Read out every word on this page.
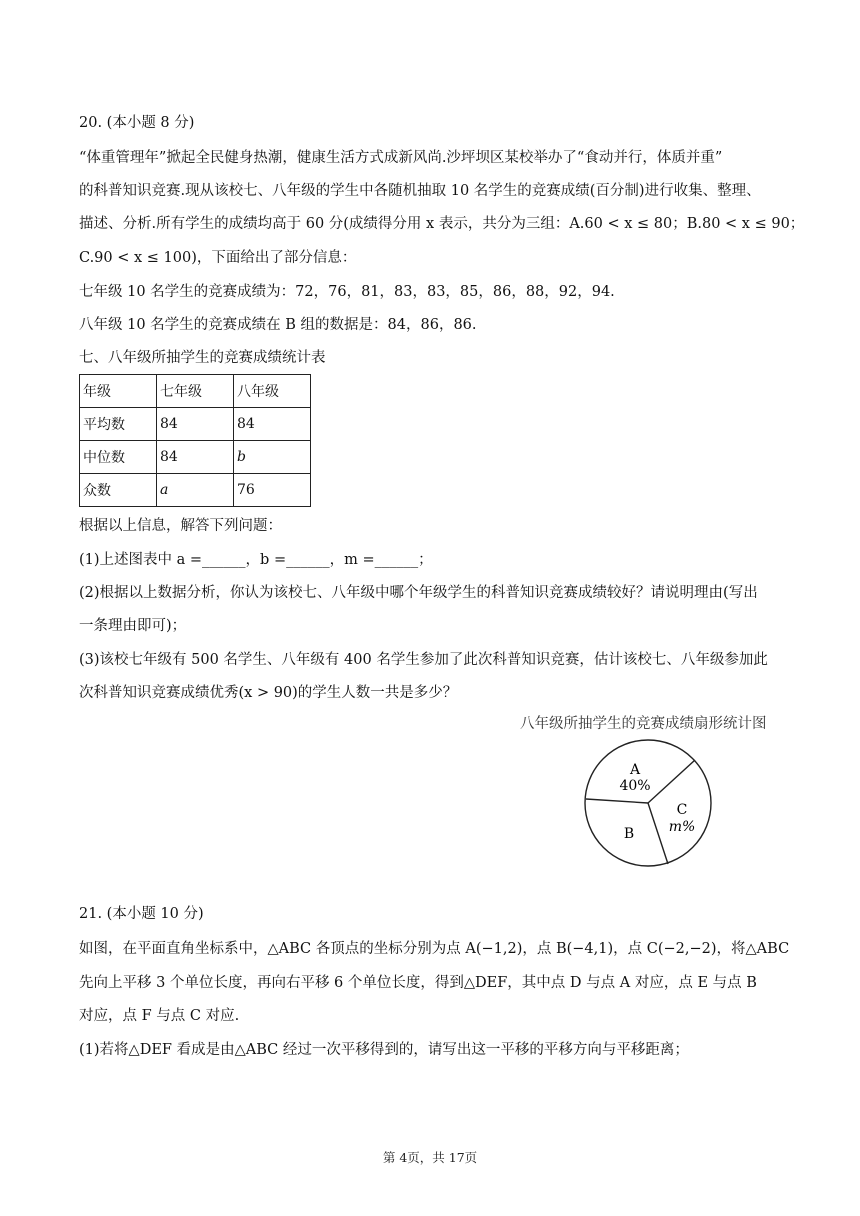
20. (本小题 8 分)
“体重管理年”掀起全民健身热潮，健康生活方式成新风尚.沙坪坝区某校举办了“食动并行，体质并重”
的科普知识竞赛.现从该校七、八年级的学生中各随机抽取 10 名学生的竞赛成绩(百分制)进行收集、整理、
描述、分析.所有学生的成绩均高于 60 分(成绩得分用 x 表示，共分为三组：A.60 < x ≤ 80；B.80 < x ≤ 90；
C.90 < x ≤ 100)，下面给出了部分信息：
七年级 10 名学生的竞赛成绩为：72，76，81，83，83，85，86，88，92，94.
八年级 10 名学生的竞赛成绩在 B 组的数据是：84，86，86.
七、八年级所抽学生的竞赛成绩统计表
年级	七年级	八年级
平均数	84	84
中位数	84	b
众数	a	76
根据以上信息，解答下列问题：
(1)上述图表中 a =______，b =______，m =______；
(2)根据以上数据分析，你认为该校七、八年级中哪个年级学生的科普知识竞赛成绩较好？请说明理由(写出
一条理由即可)；
(3)该校七年级有 500 名学生、八年级有 400 名学生参加了此次科普知识竞赛，估计该校七、八年级参加此
次科普知识竞赛成绩优秀(x > 90)的学生人数一共是多少？
八年级所抽学生的竞赛成绩扇形统计图
A
40%
C
m%
B
21. (本小题 10 分)
如图，在平面直角坐标系中，△ABC 各顶点的坐标分别为点 A(−1,2)，点 B(−4,1)，点 C(−2,−2)，将△ABC
先向上平移 3 个单位长度，再向右平移 6 个单位长度，得到△DEF，其中点 D 与点 A 对应，点 E 与点 B
对应，点 F 与点 C 对应.
(1)若将△DEF 看成是由△ABC 经过一次平移得到的，请写出这一平移的平移方向与平移距离；
第 4页，共 17页
